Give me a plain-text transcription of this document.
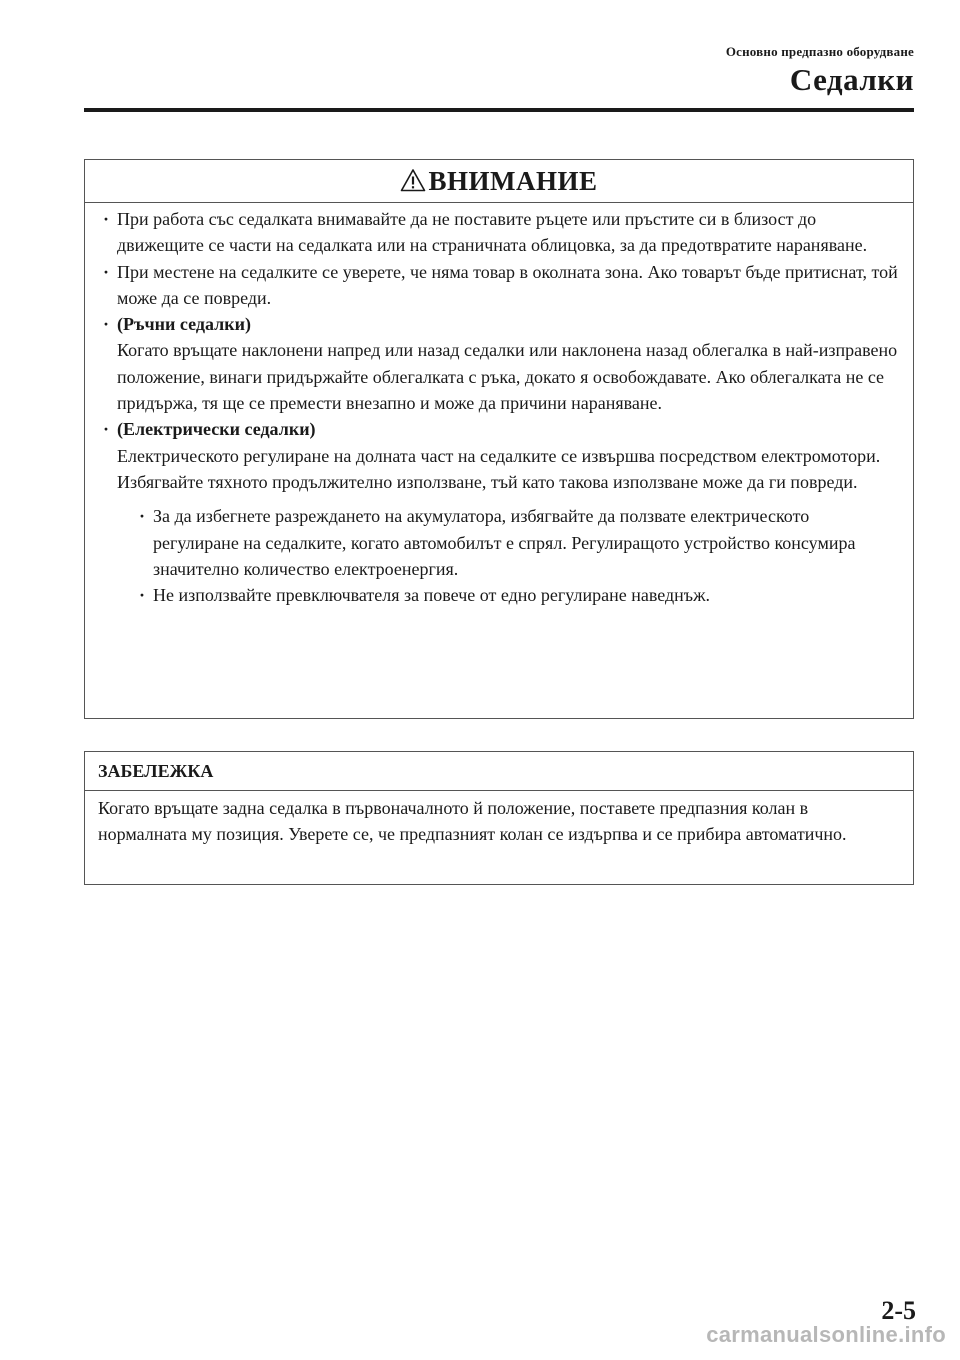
Основно предпазно оборудване
Седалки
ВНИМАНИЕ
· При работа със седалката внимавайте да не поставите ръцете или пръстите си в близост до движещите се части на седалката или на страничната облицовка, за да предотвратите нараняване.
· При местене на седалките се уверете, че няма товар в околната зона. Ако товарът бъде притиснат, той може да се повреди.
· (Ръчни седалки)
Когато връщате наклонени напред или назад седалки или наклонена назад облегалка в най-изправено положение, винаги придържайте облегалката с ръка, докато я освобождавате. Ако облегалката не се придържа, тя ще се премести внезапно и може да причини нараняване.
· (Електрически седалки)
Електрическото регулиране на долната част на седалките се извършва посредством електромотори. Избягвайте тяхното продължително използване, тъй като такова използване може да ги повреди.
· За да избегнете разреждането на акумулатора, избягвайте да ползвате електрическото регулиране на седалките, когато автомобилът е спрял. Регулиращото устройство консумира значително количество електроенергия.
· Не използвайте превключвателя за повече от едно регулиране наведнъж.
ЗАБЕЛЕЖКА
Когато връщате задна седалка в първоначалното й положение, поставете предпазния колан в нормалната му позиция. Уверете се, че предпазният колан се издърпва и се прибира автоматично.
2-5
carmanualsonline.info
